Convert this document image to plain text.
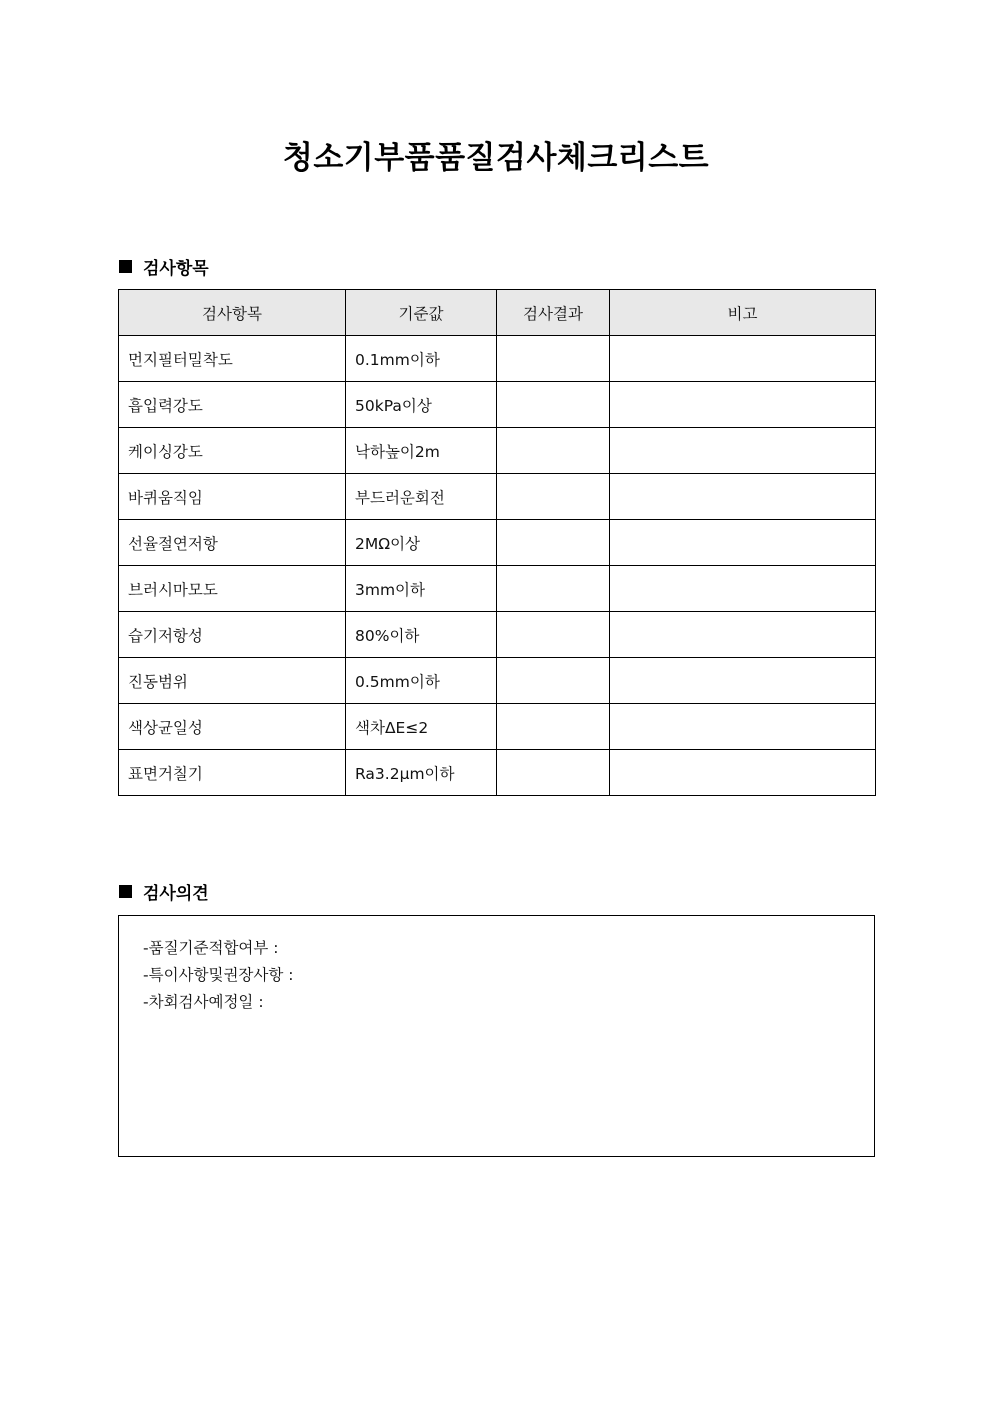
청소기부품품질검사체크리스트
검사항목
검사항목	기준값	검사결과	비고
먼지필터밀착도	0.1mm이하		
흡입력강도	50kPa이상		
케이싱강도	낙하높이2m		
바퀴움직임	부드러운회전		
선율절연저항	2MΩ이상		
브러시마모도	3mm이하		
습기저항성	80%이하		
진동범위	0.5mm이하		
색상균일성	색차ΔE≤2		
표면거칠기	Ra3.2μm이하		
검사의견
-품질기준적합여부 :
-특이사항및권장사항 :
-차회검사예정일 :
